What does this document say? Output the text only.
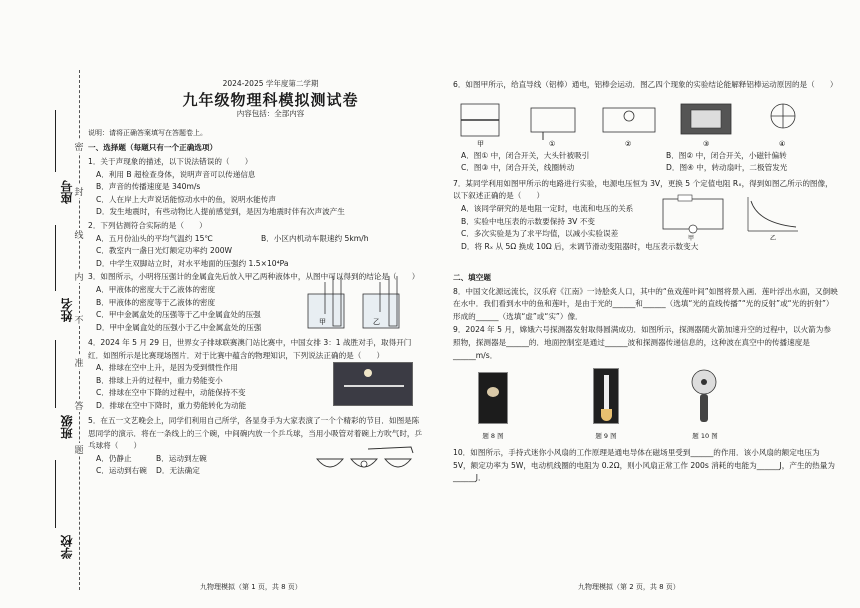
密
封
线
内
不
准
答
题
座号
姓名
班级
学校
2024-2025 学年度第二学期
九年级物理科模拟测试卷
内容包括：全部内容
说明：请将正确答案填写在答题卷上。
一、选择题（每题只有一个正确选项）
1．关于声现象的描述，以下说法错误的（　　）
A．利用 B 超检查身体，说明声音可以传递信息
B．声音的传播速度是 340m/s
C．人在岸上大声说话能惊动水中的鱼，说明水能传声
D．发生地震时，有些动物比人提前感觉到，是因为地震时伴有次声波产生
2．下列估测符合实际的是（　　）
A．五月份汕头的平均气温约 15℃	B．小区内机动车限速约 5km/h
C．教室内一盏日光灯额定功率约 200W
D．中学生双脚站立时，对水平地面的压强约 1.5×10⁴Pa
3．如图所示，小明将压强计的金属盒先后放入甲乙两种液体中，从图中可以得到的结论是（　　）
A．甲液体的密度大于乙液体的密度
B．甲液体的密度等于乙液体的密度
C．甲中金属盒处的压强等于乙中金属盒处的压强
D．甲中金属盒处的压强小于乙中金属盒处的压强
甲	乙
4．2024 年 5 月 29 日，世界女子排球联赛澳门站比赛中，中国女排 3：1 战胜对手，取得开门红．如图所示是比赛现场图片．对于比赛中蕴含的物理知识，下列说法正确的是（　　）
A．排球在空中上升，是因为受到惯性作用
B．排球上升的过程中，重力势能变小
C．排球在空中下降的过程中，动能保持不变
D．排球在空中下降时，重力势能转化为动能
5．在五一文艺晚会上，同学们利用自己所学，各显身手为大家表演了一个个精彩的节目．如图是陈思同学的演示．将在一条线上的三个碗，中间碗内放一个乒乓球，当用小吸管对着碗上方吹气时，乒乓球将（　　）
A．仍静止	B．运动到左碗
C．运动到右碗	D．无法确定
九物理模拟（第 1 页，共 8 页）
6．如图甲所示，给直导线（铝棒）通电，铝棒会运动．图乙四个现象的实验结论能解释铝棒运动原因的是（　　）
甲	①	②	③	④
A．图① 中，闭合开关，大头针被吸引	B．图② 中，闭合开关，小磁针偏转
C．图③ 中，闭合开关，线圈转动	D．图④ 中，转动扇叶，二极管发光
7．某同学利用如图甲所示的电路进行实验，电源电压恒为 3V，更换 5 个定值电阻 Rₓ，得到如图乙所示的图像，以下叙述正确的是（　　）
A．该同学研究的是电阻一定时，电流和电压的关系
B．实验中电压表的示数要保持 3V 不变
C．多次实验是为了求平均值，以减小实验误差
D．将 Rₓ 从 5Ω 换成 10Ω 后，未调节滑动变阻器时，电压表示数变大
甲	乙
二、填空题
8．中国文化源远流长，汉乐府《江南》一诗脍炙人口，其中的“鱼戏莲叶间”如图将景入画．莲叶浮出水面，又倒映在水中．我们看到水中的鱼和莲叶，是由于光的______和______（选填“光的直线传播”“光的反射”或“光的折射”）形成的______（选填“虚”或“实”）像．
9．2024 年 5 月，嫦娥六号探测器发射取得圆满成功．如图所示，探测器随火箭加速升空的过程中，以火箭为参照物，探测器是______的．地面控制室是通过______波和探测器传递信息的，这种波在真空中的传播速度是______m/s．
题 8 图	题 9 图	题 10 图
10．如图所示，手持式迷你小风扇的工作原理是通电导体在磁场里受到______的作用．该小风扇的额定电压为 5V，额定功率为 5W，电动机线圈的电阻为 0.2Ω，则小风扇正常工作 200s 消耗的电能为______J，产生的热量为______J．
九物理模拟（第 2 页，共 8 页）
